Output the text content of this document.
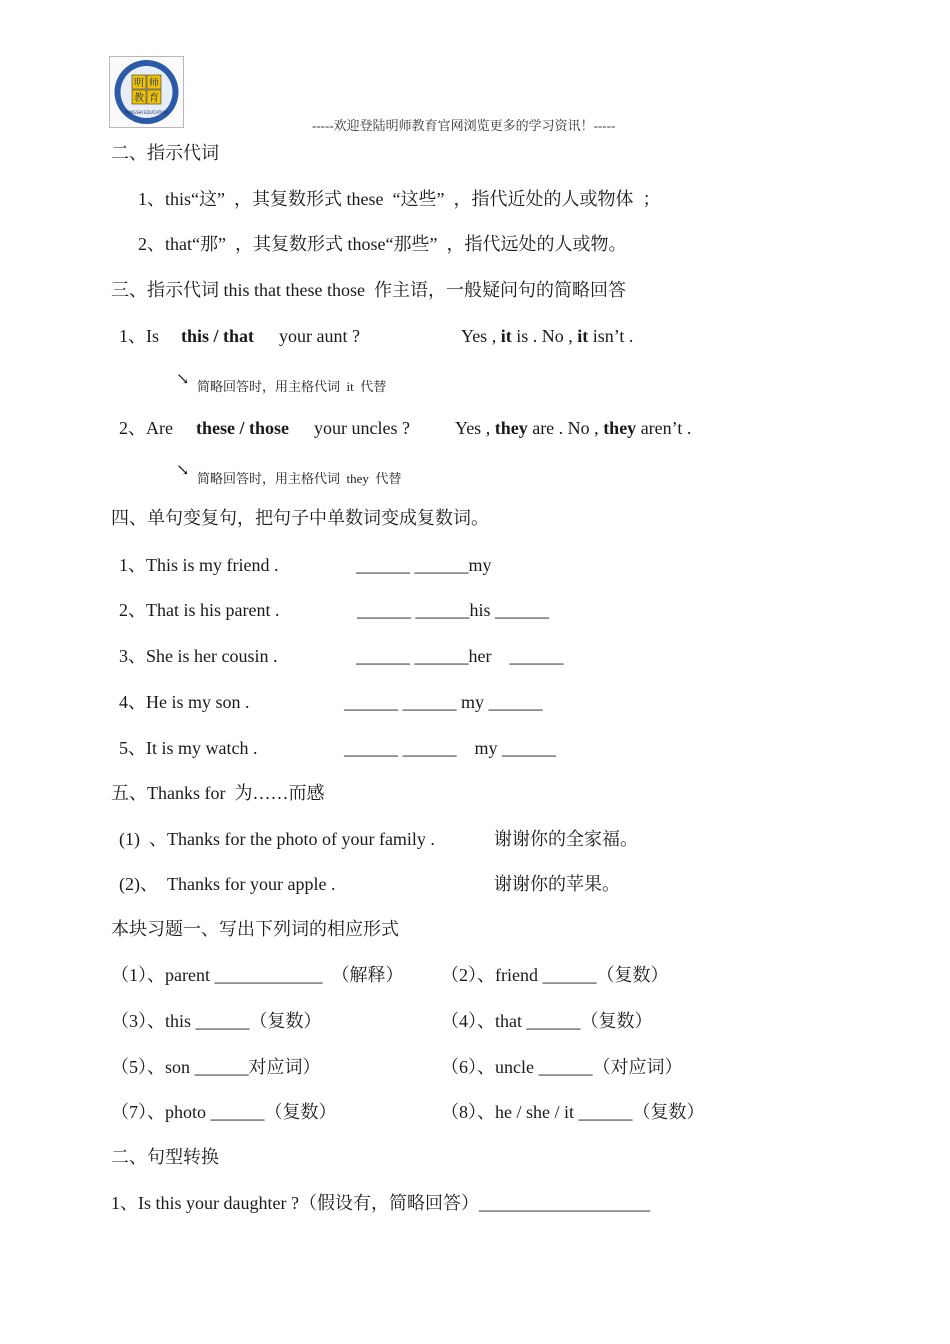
明 师
教 育
MINGSHI EDUCATION
-----欢迎登陆明师教育官网浏览更多的学习资讯！-----
二、指示代词
1、this“这”  ，其复数形式 these  “这些”  ，指代近处的人或物体  ；
2、that“那”  ，其复数形式 those“那些”  ，指代远处的人或物。
三、指示代词 this that these those  作主语，一般疑问句的简略回答
1、Is this / that your aunt ?	Yes , it is . No , it isn’t .
↘ 简略回答时，用主格代词  it  代替
2、Are these / those your uncles ?	Yes , they are . No , they aren’t .
↘ 简略回答时，用主格代词  they  代替
四、单句变复句，把句子中单数词变成复数词。
1、This is my friend .	______ ______my
2、That is his parent .	______ ______his ______
3、She is her cousin .	______ ______her    ______
4、He is my son .	______ ______ my ______
5、It is my watch .	______ ______    my ______
五、Thanks for  为……而感
(1)  、Thanks for the photo of your family .	谢谢你的全家福。
(2)、  Thanks for your apple .	谢谢你的苹果。
本块习题一、写出下列词的相应形式
（1）、parent ____________  （解释） （2）、friend ______（复数）
（3）、this ______（复数）	（4）、that ______（复数）
（5）、son ______对应词）	（6）、uncle ______（对应词）
（7）、photo ______（复数）	（8）、he / she / it ______（复数）
二、句型转换
1、Is this your daughter ?（假设有，简略回答）___________________
